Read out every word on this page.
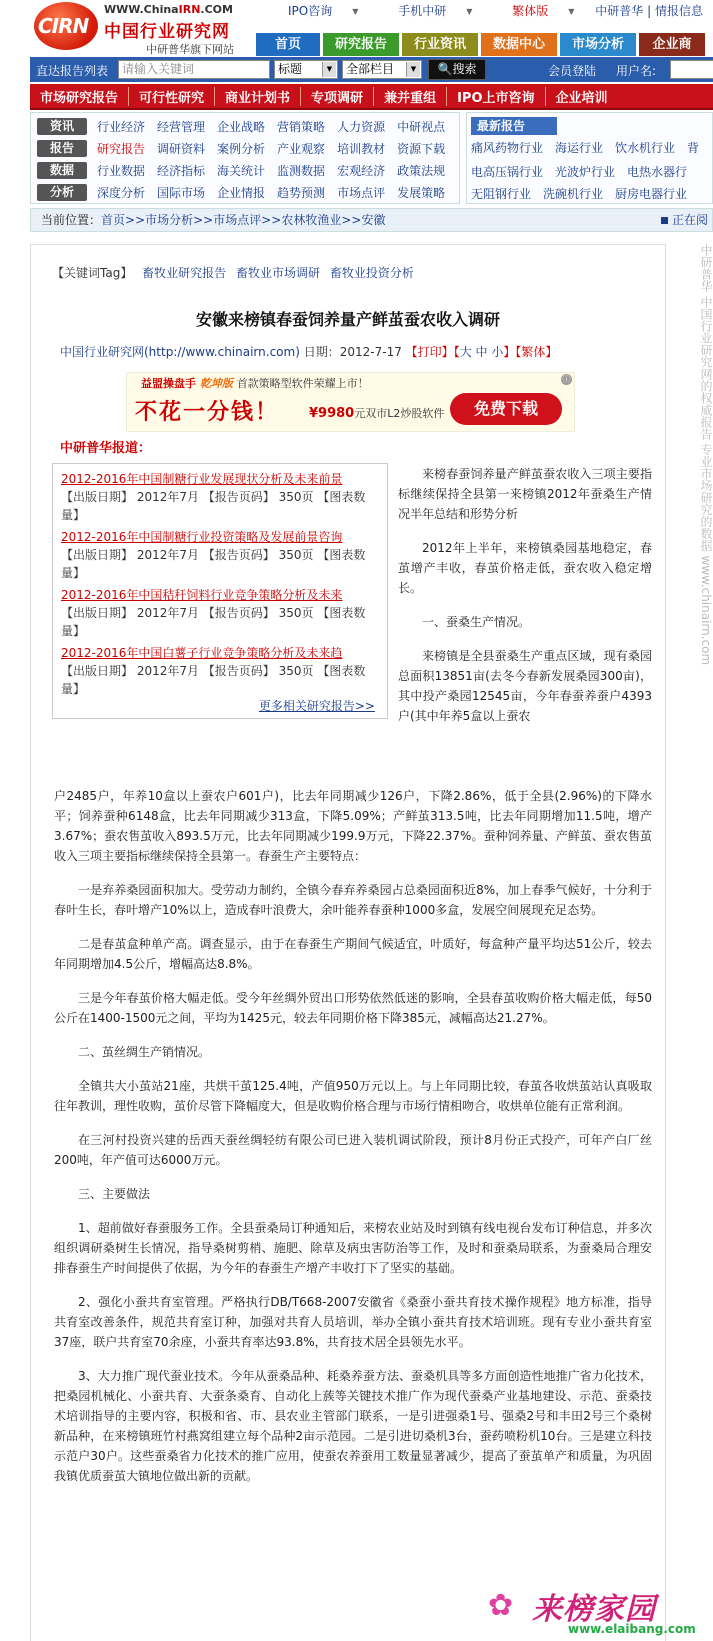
CIRN
WWW.ChinaIRN.COM
中国行业研究网
中研普华旗下网站
IPO咨询	▼	手机中研	▼	繁体版	▼	中研普华 | 情报信息
首页	研究报告	行业资讯	数据中心	市场分析	企业商
直达报告列表	请输入关键词	标题	▼	全部栏目	▼	🔍搜索	会员登陆 用户名:
市场研究报告	可行性研究	商业计划书	专项调研	兼并重组	IPO上市咨询	企业培训
资讯	行业经济 经营管理 企业战略 营销策略 人力资源 中研视点
报告	研究报告 调研资料 案例分析 产业观察 培训教材 资源下载
数据	行业数据 经济指标 海关统计 监测数据 宏观经济 政策法规
分析	深度分析 国际市场 企业情报 趋势预测 市场点评 发展策略
最新报告
痛风药物行业 海运行业 饮水机行业 背
电高压锅行业 光波炉行业 电热水器行
无阻钢行业 洗碗机行业 厨房电器行业
当前位置：首页>>市场分析>>市场点评>>农林牧渔业>>安徽	正在阅
中研普华 中国行业研究网的权威报告 专业市场研究的数据 www.chinairn.com
【关键词Tag】 畜牧业研究报告 畜牧业市场调研 畜牧业投资分析
安徽来榜镇春蚕饲养量产鲜茧蚕农收入调研
中国行业研究网(http://www.chinairn.com) 日期：2012-7-17 【打印】【大 中 小】【繁体】
益盟操盘手 乾坤版 首款策略型软件荣耀上市！
不花一分钱！ ¥9980元双市L2炒股软件	免费下载
ⓘ
中研普华报道：
2012-2016年中国制糖行业发展现状分析及未来前景
【出版日期】 2012年7月 【报告页码】 350页 【图表数量】
2012-2016年中国制糖行业投资策略及发展前景咨询
【出版日期】 2012年7月 【报告页码】 350页 【图表数量】
2012-2016年中国秸秆饲料行业竞争策略分析及未来
【出版日期】 2012年7月 【报告页码】 350页 【图表数量】
2012-2016年中国白薯子行业竞争策略分析及未来趋
【出版日期】 2012年7月 【报告页码】 350页 【图表数量】
更多相关研究报告>>

来榜春蚕饲养量产鲜茧蚕农收入三项主要指标继续保持全县第一来榜镇2012年蚕桑生产情况半年总结和形势分析

2012年上半年，来榜镇桑园基地稳定，春茧增产丰收，春茧价格走低，蚕农收入稳定增长。

一、蚕桑生产情况。

来榜镇是全县蚕桑生产重点区域，现有桑园总面积13851亩(去冬今春新发展桑园300亩)，其中投产桑园12545亩，今年春蚕养蚕户4393户(其中年养5盒以上蚕农

户2485户，年养10盒以上蚕农户601户)，比去年同期减少126户，下降2.86%，低于全县(2.96%)的下降水平；饲养蚕种6148盒，比去年同期减少313盒，下降5.09%；产鲜茧313.5吨，比去年同期增加11.5吨，增产3.67%；蚕农售茧收入893.5万元，比去年同期减少199.9万元，下降22.37%。蚕种饲养量、产鲜茧、蚕农售茧收入三项主要指标继续保持全县第一。春蚕生产主要特点：

一是弃养桑园面积加大。受劳动力制约，全镇今春弃养桑园占总桑园面积近8%，加上春季气候好，十分利于春叶生长，春叶增产10%以上，造成春叶浪费大，余叶能养春蚕种1000多盒，发展空间展现充足态势。

二是春茧盒种单产高。调查显示，由于在春蚕生产期间气候适宜，叶质好，每盒种产量平均达51公斤，较去年同期增加4.5公斤，增幅高达8.8%。

三是今年春茧价格大幅走低。受今年丝绸外贸出口形势依然低迷的影响，全县春茧收购价格大幅走低，每50公斤在1400-1500元之间，平均为1425元，较去年同期价格下降385元，减幅高达21.27%。

二、茧丝绸生产销情况。

全镇共大小茧站21座，共烘干茧125.4吨，产值950万元以上。与上年同期比较，春茧各收烘茧站认真吸取往年教训，理性收购，茧价尽管下降幅度大，但是收购价格合理与市场行情相吻合，收烘单位能有正常利润。

在三河村投资兴建的岳西天蚕丝绸轻纺有限公司已进入装机调试阶段，预计8月份正式投产，可年产白厂丝200吨，年产值可达6000万元。

三、主要做法

1、超前做好春蚕服务工作。全县蚕桑局订种通知后，来榜农业站及时到镇有线电视台发布订种信息，并多次组织调研桑树生长情况，指导桑树剪梢、施肥、除草及病虫害防治等工作，及时和蚕桑局联系，为蚕桑局合理安排春蚕生产时间提供了依据，为今年的春蚕生产增产丰收打下了坚实的基础。

2、强化小蚕共育室管理。严格执行DB/T668-2007安徽省《桑蚕小蚕共育技术操作规程》地方标准，指导共育室改善条件，规范共育室订种，加强对共育人员培训，举办全镇小蚕共育技术培训班。现有专业小蚕共育室37座，联户共育室70余座，小蚕共育率达93.8%，共育技术居全县领先水平。

3、大力推广现代蚕业技术。今年从蚕桑品种、耗桑养蚕方法、蚕桑机具等多方面创造性地推广省力化技术，把桑园机械化、小蚕共育、大蚕条桑育、自动化上蔟等关键技术推广作为现代蚕桑产业基地建设、示范、蚕桑技术培训指导的主要内容，积极和省、市、县农业主管部门联系，一是引进强桑1号、强桑2号和丰田2号三个桑树新品种，在来榜镇班竹村燕窝组建立每个品种2亩示范园。二是引进切桑机3台，蚕药喷粉机10台。三是建立科技示范户30户。这些蚕桑省力化技术的推广应用，使蚕农养蚕用工数量显著减少，提高了蚕茧单产和质量，为巩固我镇优质蚕茧大镇地位做出新的贡献。

✿ 来榜家园
www.elaibang.com
